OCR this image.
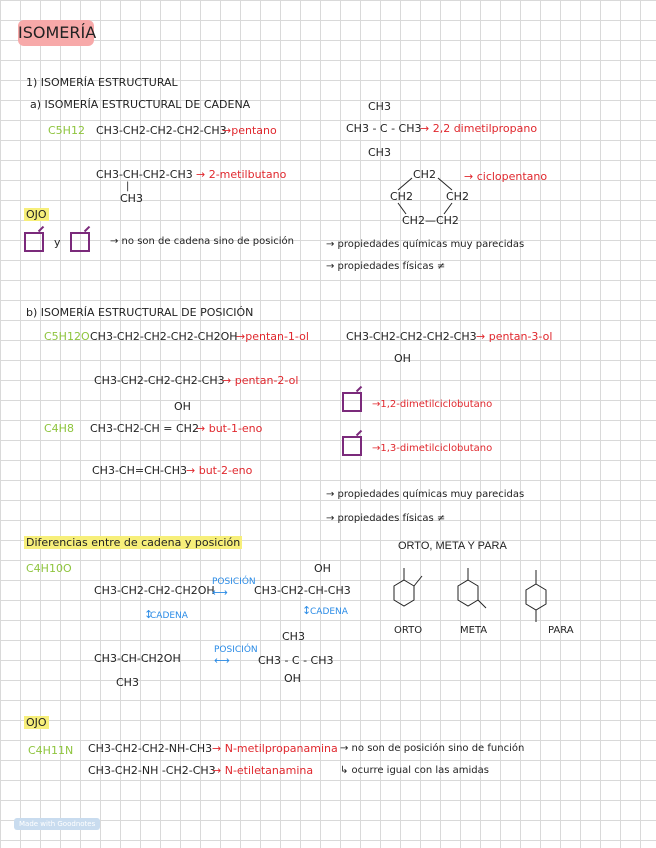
ISOMERÍA
1) ISOMERÍA ESTRUCTURAL
a) ISOMERÍA ESTRUCTURAL DE CADENA
C5H12 CH3-CH2-CH2-CH2-CH3
→pentano
CH3-CH-CH2-CH3
|
CH3
→ 2-metilbutano
CH3
CH3 - C - CH3
CH3
→ 2,2 dimetilpropano
CH2
CH2	CH2
CH2—CH2
→ ciclopentano
OJO
y	→ no son de cadena sino de posición	→ propiedades químicas muy parecidas
→ propiedades físicas ≠
b) ISOMERÍA ESTRUCTURAL DE POSICIÓN
C5H12O CH3-CH2-CH2-CH2-CH2OH
→pentan-1-ol
CH3-CH2-CH2-CH2-CH3
OH
→ pentan-2-ol
CH3-CH2-CH2-CH2-CH3
OH
→ pentan-3-ol
C4H8 CH3-CH2-CH = CH2
→ but-1-eno
CH3-CH=CH-CH3 → but-2-eno
→1,2-dimetilciclobutano
→1,3-dimetilciclobutano
→ propiedades químicas muy parecidas
→ propiedades físicas ≠
Diferencias entre de cadena y posición
C4H10O
CH3-CH2-CH2-CH2OH
POSICIÓN
⟷
OH
CH3-CH2-CH-CH3
CADENA
↕	CADENA
↕
CH3-CH-CH2OH
CH3
POSICIÓN
⟷
CH3
CH3 - C - CH3
OH
ORTO, META Y PARA
ORTO	META	PARA
OJO
C4H11N CH3-CH2-CH2-NH-CH3 → N-metilpropanamina
CH3-CH2-NH -CH2-CH3
→ N-etiletanamina
→ no son de posición sino de función
↳ ocurre igual con las amidas
Made with Goodnotes
